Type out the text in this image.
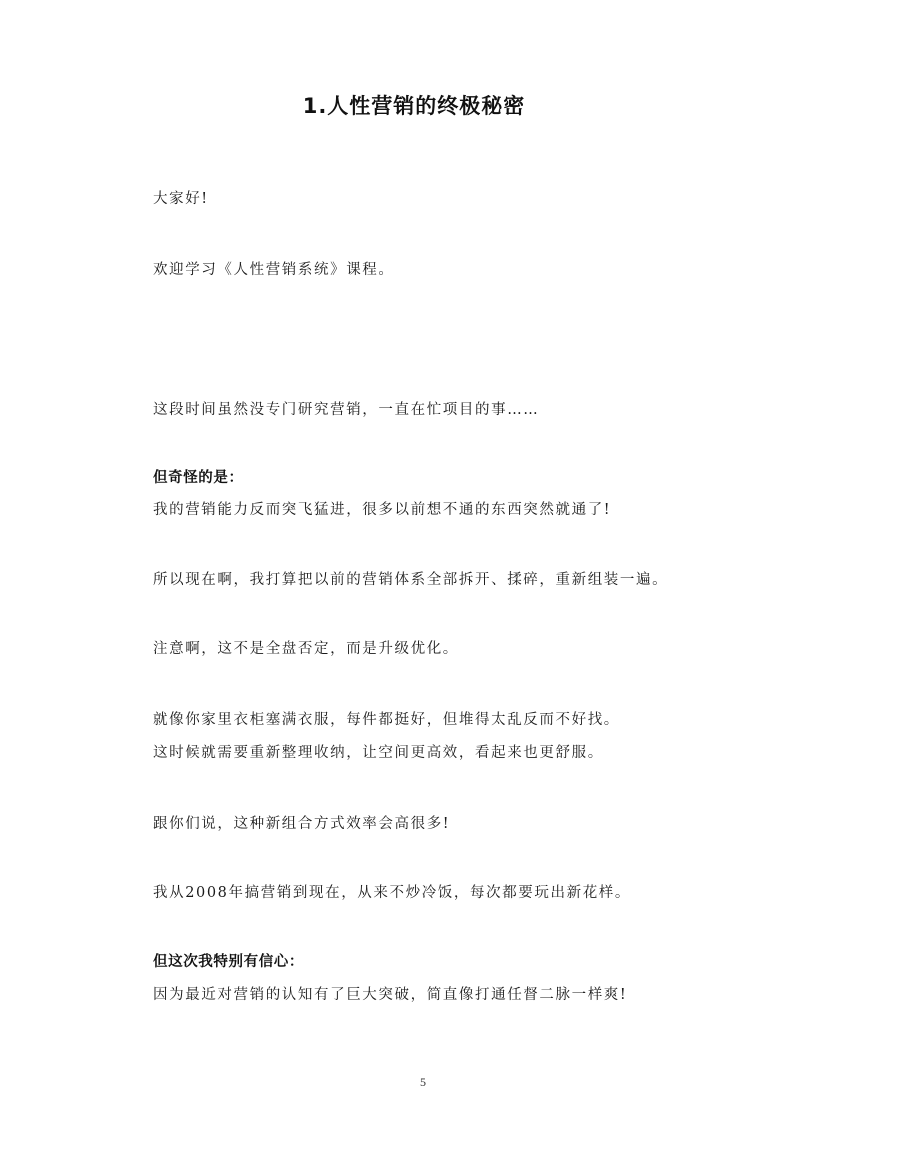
1.人性营销的终极秘密
大家好!
欢迎学习《人性营销系统》课程。
这段时间虽然没专门研究营销，一直在忙项目的事……
但奇怪的是：
我的营销能力反而突飞猛进，很多以前想不通的东西突然就通了!
所以现在啊，我打算把以前的营销体系全部拆开、揉碎，重新组装一遍。
注意啊，这不是全盘否定，而是升级优化。
就像你家里衣柜塞满衣服，每件都挺好，但堆得太乱反而不好找。
这时候就需要重新整理收纳，让空间更高效，看起来也更舒服。
跟你们说，这种新组合方式效率会高很多!
我从2008年搞营销到现在，从来不炒冷饭，每次都要玩出新花样。
但这次我特别有信心：
因为最近对营销的认知有了巨大突破，简直像打通任督二脉一样爽!
5
